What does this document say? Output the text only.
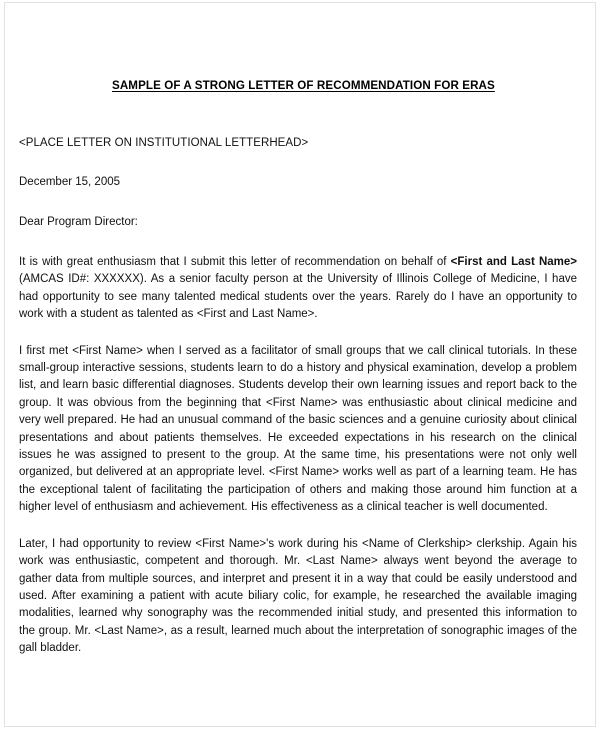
SAMPLE OF A STRONG LETTER OF RECOMMENDATION FOR ERAS

<PLACE LETTER ON INSTITUTIONAL LETTERHEAD>

December 15, 2005

Dear Program Director:

It is with great enthusiasm that I submit this letter of recommendation on behalf of <First and Last Name> (AMCAS ID#: XXXXXX). As a senior faculty person at the University of Illinois College of Medicine, I have had opportunity to see many talented medical students over the years. Rarely do I have an opportunity to work with a student as talented as <First and Last Name>.

I first met <First Name> when I served as a facilitator of small groups that we call clinical tutorials. In these small-group interactive sessions, students learn to do a history and physical examination, develop a problem list, and learn basic differential diagnoses. Students develop their own learning issues and report back to the group. It was obvious from the beginning that <First Name> was enthusiastic about clinical medicine and very well prepared. He had an unusual command of the basic sciences and a genuine curiosity about clinical presentations and about patients themselves. He exceeded expectations in his research on the clinical issues he was assigned to present to the group. At the same time, his presentations were not only well organized, but delivered at an appropriate level. <First Name> works well as part of a learning team. He has the exceptional talent of facilitating the participation of others and making those around him function at a higher level of enthusiasm and achievement. His effectiveness as a clinical teacher is well documented.

Later, I had opportunity to review <First Name>'s work during his <Name of Clerkship> clerkship. Again his work was enthusiastic, competent and thorough. Mr. <Last Name> always went beyond the average to gather data from multiple sources, and interpret and present it in a way that could be easily understood and used. After examining a patient with acute biliary colic, for example, he researched the available imaging modalities, learned why sonography was the recommended initial study, and presented this information to the group. Mr. <Last Name>, as a result, learned much about the interpretation of sonographic images of the gall bladder.
